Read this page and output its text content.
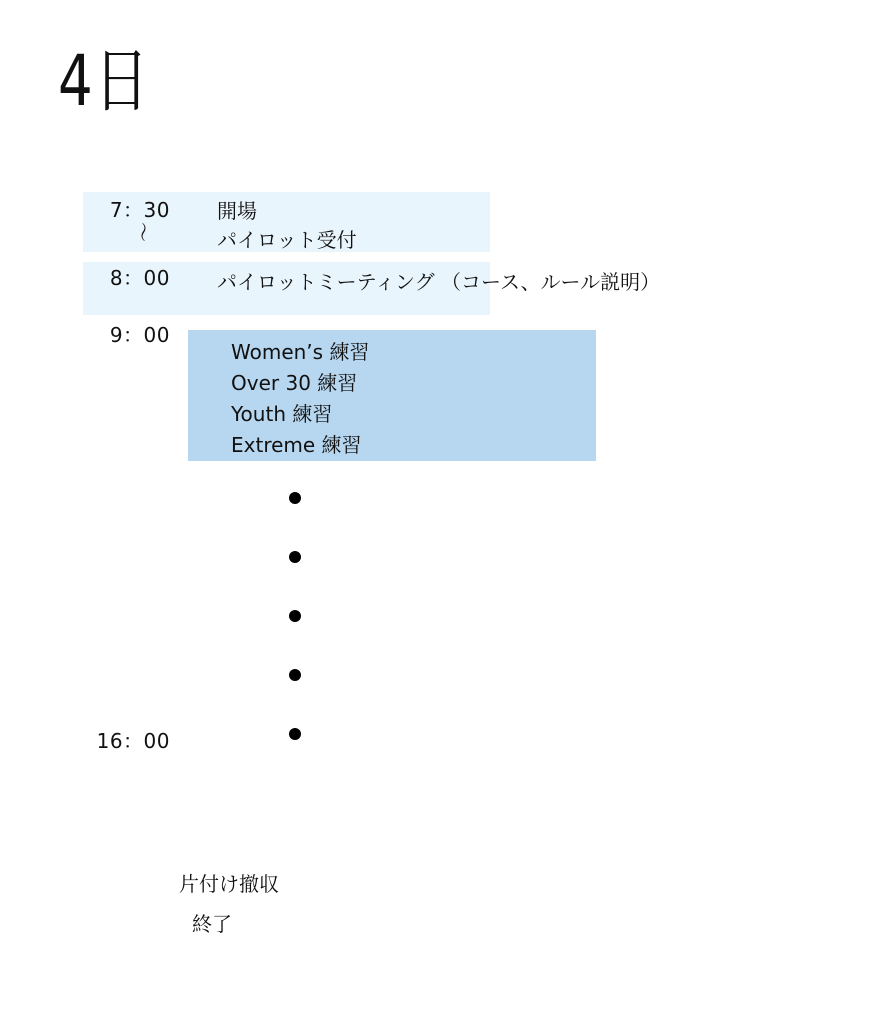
4日
7：30
～
開場
パイロット受付
8：00 パイロットミーティング （コース、ルール説明）
9：00
Women’s 練習
Over 30 練習
Youth 練習
Extreme 練習
16：00
片付け撤収
終了
